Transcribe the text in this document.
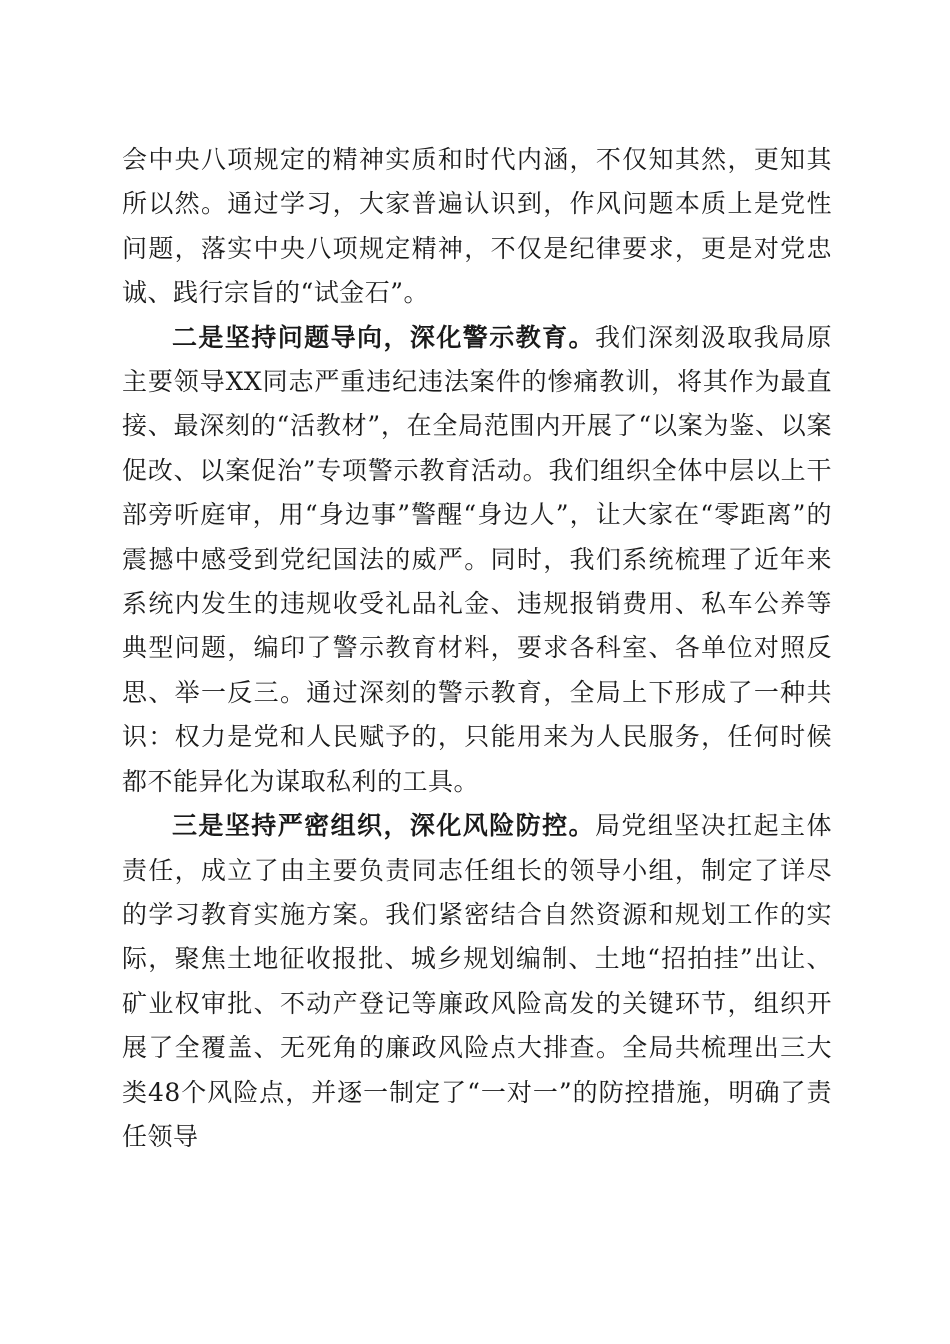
会中央八项规定的精神实质和时代内涵，不仅知其然，更知其所以然。通过学习，大家普遍认识到，作风问题本质上是党性问题，落实中央八项规定精神，不仅是纪律要求，更是对党忠诚、践行宗旨的“试金石”。

二是坚持问题导向，深化警示教育。我们深刻汲取我局原主要领导XX同志严重违纪违法案件的惨痛教训，将其作为最直接、最深刻的“活教材”，在全局范围内开展了“以案为鉴、以案促改、以案促治”专项警示教育活动。我们组织全体中层以上干部旁听庭审，用“身边事”警醒“身边人”，让大家在“零距离”的震撼中感受到党纪国法的威严。同时，我们系统梳理了近年来系统内发生的违规收受礼品礼金、违规报销费用、私车公养等典型问题，编印了警示教育材料，要求各科室、各单位对照反思、举一反三。通过深刻的警示教育，全局上下形成了一种共识：权力是党和人民赋予的，只能用来为人民服务，任何时候都不能异化为谋取私利的工具。

三是坚持严密组织，深化风险防控。局党组坚决扛起主体责任，成立了由主要负责同志任组长的领导小组，制定了详尽的学习教育实施方案。我们紧密结合自然资源和规划工作的实际，聚焦土地征收报批、城乡规划编制、土地“招拍挂”出让、矿业权审批、不动产登记等廉政风险高发的关键环节，组织开展了全覆盖、无死角的廉政风险点大排查。全局共梳理出三大类48个风险点，并逐一制定了“一对一”的防控措施，明确了责任领导
